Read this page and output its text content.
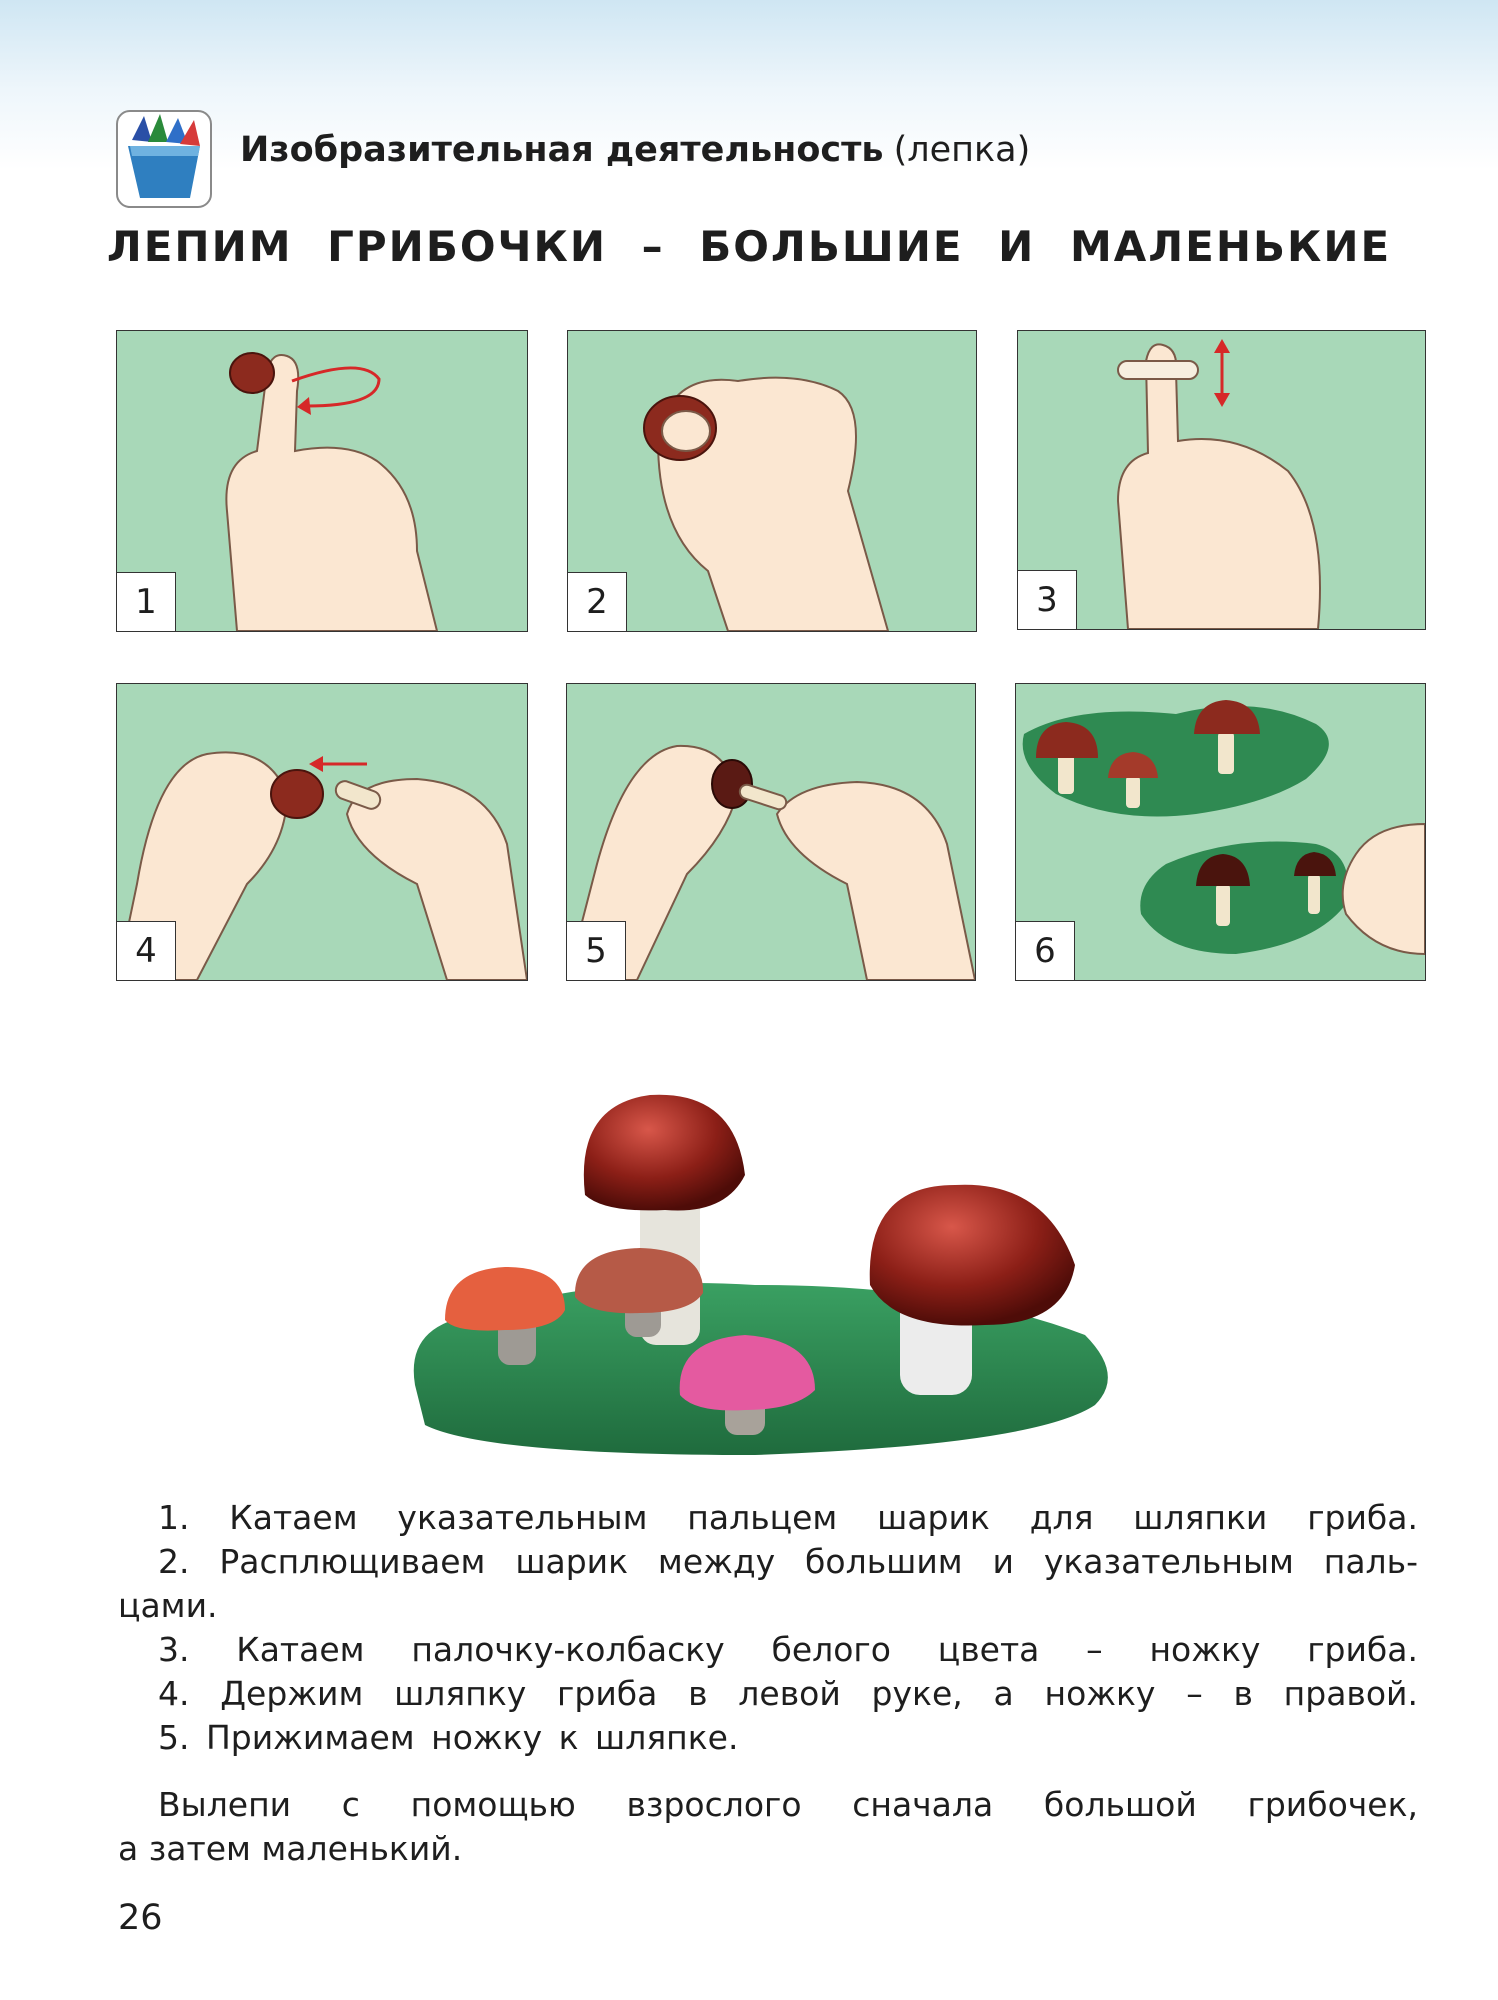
Изобразительная деятельность (лепка)
ЛЕПИМ ГРИБОЧКИ – БОЛЬШИЕ И МАЛЕНЬКИЕ
1	2	3
4	5	6

1. Катаем указательным пальцем шарик для шляпки гриба.

2. Расплющиваем шарик между большим и указательным паль-

цами.

3. Катаем палочку-колбаску белого цвета – ножку гриба.

4. Держим шляпку гриба в левой руке, а ножку – в правой.

5. Прижимаем ножку к шляпке.

Вылепи с помощью взрослого сначала большой грибочек,

а затем маленький.

26
